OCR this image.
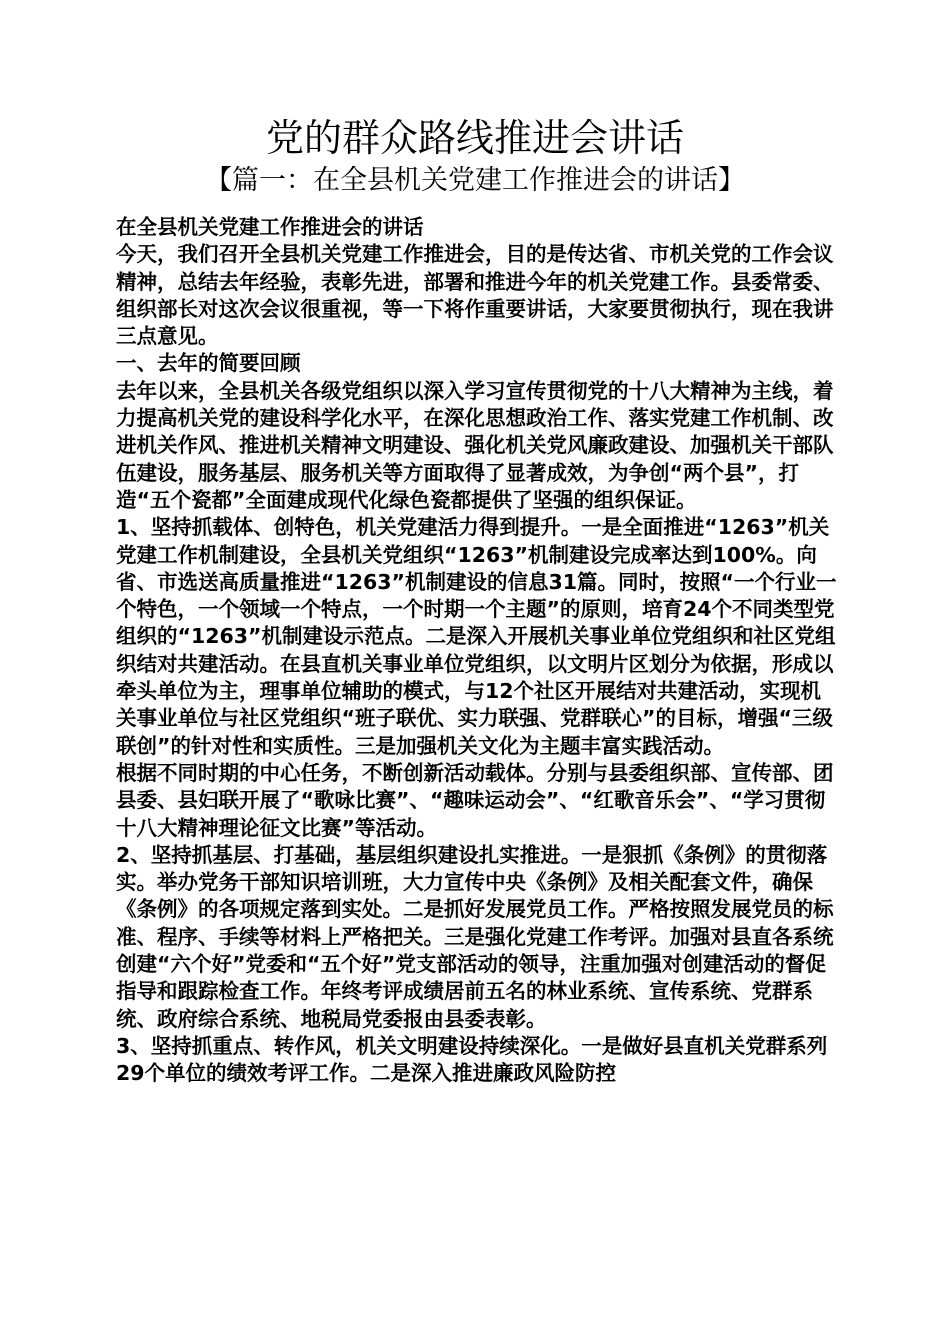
党的群众路线推进会讲话
【篇一：在全县机关党建工作推进会的讲话】

在全县机关党建工作推进会的讲话

今天，我们召开全县机关党建工作推进会，目的是传达省、市机关党的工作会议精神，总结去年经验，表彰先进，部署和推进今年的机关党建工作。县委常委、组织部长对这次会议很重视，等一下将作重要讲话，大家要贯彻执行，现在我讲三点意见。

一、去年的简要回顾

去年以来，全县机关各级党组织以深入学习宣传贯彻党的十八大精神为主线，着力提高机关党的建设科学化水平，在深化思想政治工作、落实党建工作机制、改进机关作风、推进机关精神文明建设、强化机关党风廉政建设、加强机关干部队伍建设，服务基层、服务机关等方面取得了显著成效，为争创“两个县”，打造“五个瓷都”全面建成现代化绿色瓷都提供了坚强的组织保证。

1、坚持抓载体、创特色，机关党建活力得到提升。一是全面推进“1263”机关党建工作机制建设，全县机关党组织“1263”机制建设完成率达到100%。向省、市选送高质量推进“1263”机制建设的信息31篇。同时，按照“一个行业一个特色，一个领域一个特点，一个时期一个主题”的原则，培育24个不同类型党组织的“1263”机制建设示范点。二是深入开展机关事业单位党组织和社区党组织结对共建活动。在县直机关事业单位党组织，以文明片区划分为依据，形成以牵头单位为主，理事单位辅助的模式，与12个社区开展结对共建活动，实现机关事业单位与社区党组织“班子联优、实力联强、党群联心”的目标，增强“三级联创”的针对性和实质性。三是加强机关文化为主题丰富实践活动。

根据不同时期的中心任务，不断创新活动载体。分别与县委组织部、宣传部、团县委、县妇联开展了“歌咏比赛”、“趣味运动会”、“红歌音乐会”、“学习贯彻十八大精神理论征文比赛”等活动。

2、坚持抓基层、打基础，基层组织建设扎实推进。一是狠抓《条例》的贯彻落实。举办党务干部知识培训班，大力宣传中央《条例》及相关配套文件，确保《条例》的各项规定落到实处。二是抓好发展党员工作。严格按照发展党员的标准、程序、手续等材料上严格把关。三是强化党建工作考评。加强对县直各系统创建“六个好”党委和“五个好”党支部活动的领导，注重加强对创建活动的督促指导和跟踪检查工作。年终考评成绩居前五名的林业系统、宣传系统、党群系统、政府综合系统、地税局党委报由县委表彰。

3、坚持抓重点、转作风，机关文明建设持续深化。一是做好县直机关党群系列29个单位的绩效考评工作。二是深入推进廉政风险防控
